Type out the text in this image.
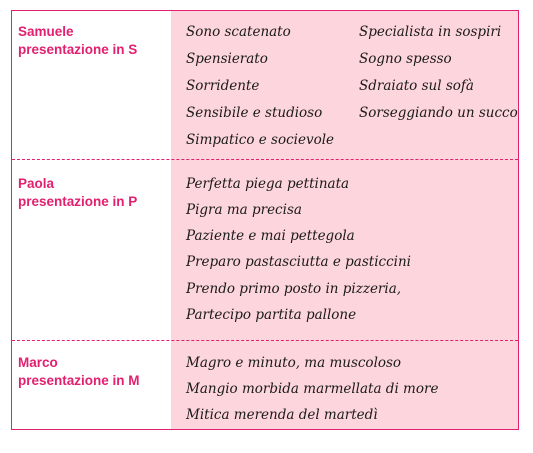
Samuele
presentazione in S
Sono scatenato
Spensierato
Sorridente
Sensibile e studioso
Simpatico e socievole
Specialista in sospiri
Sogno spesso
Sdraiato sul sofà
Sorseggiando un succo
Paola
presentazione in P
Perfetta piega pettinata
Pigra ma precisa
Paziente e mai pettegola
Preparo pastasciutta e pasticcini
Prendo primo posto in pizzeria,
Partecipo partita pallone
Marco
presentazione in M
Magro e minuto, ma muscoloso
Mangio morbida marmellata di more
Mitica merenda del martedì
